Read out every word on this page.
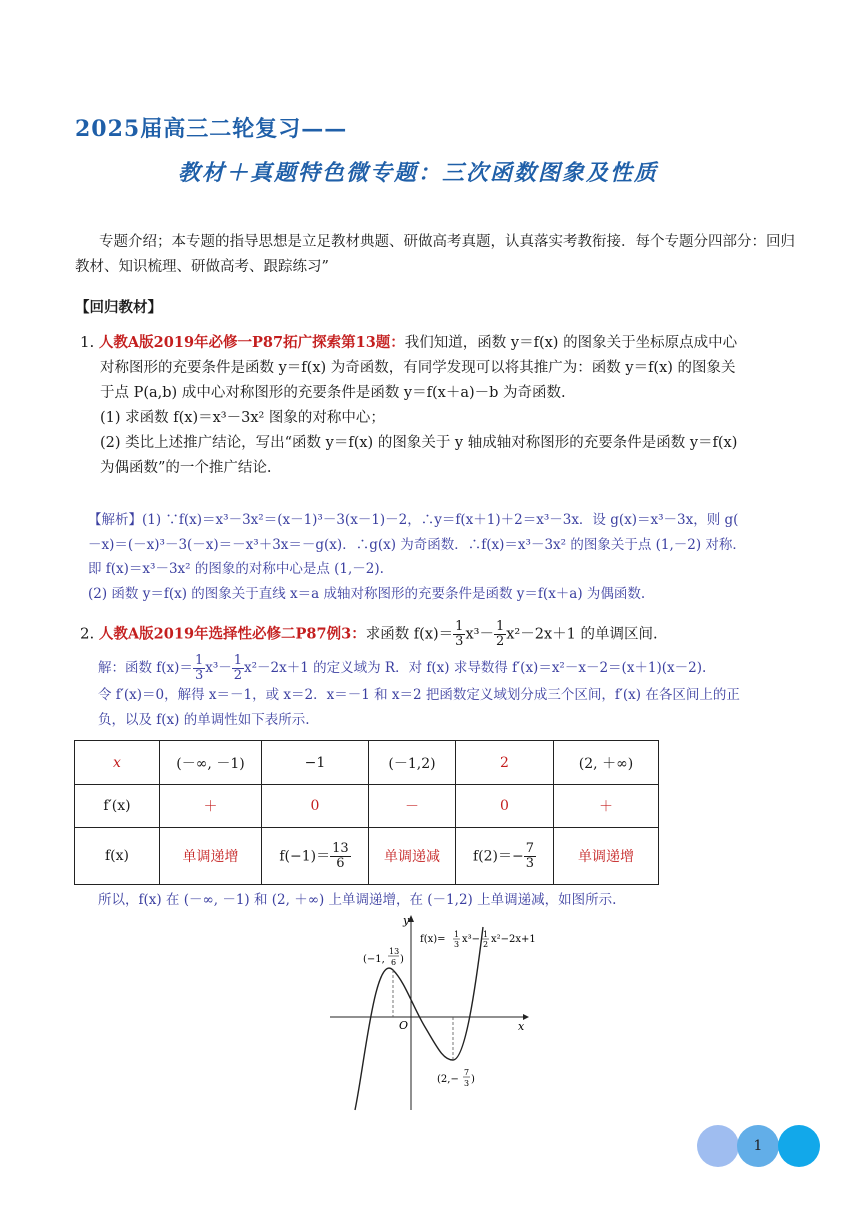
2025届高三二轮复习——
教材＋真题特色微专题：三次函数图象及性质
专题介绍；本专题的指导思想是立足教材典题、研做高考真题，认真落实考教衔接．每个专题分四部分：回归教材、知识梳理、研做高考、跟踪练习”
【回归教材】
1. 人教A版2019年必修一P87拓广探索第13题：我们知道，函数 y＝f(x) 的图象关于坐标原点成中心
对称图形的充要条件是函数 y＝f(x) 为奇函数，有同学发现可以将其推广为：函数 y＝f(x) 的图象关
于点 P(a,b) 成中心对称图形的充要条件是函数 y＝f(x＋a)－b 为奇函数.
(1) 求函数 f(x)＝x³－3x² 图象的对称中心；
(2) 类比上述推广结论，写出“函数 y＝f(x) 的图象关于 y 轴成轴对称图形的充要条件是函数 y＝f(x)
为偶函数”的一个推广结论.
【解析】(1) ∵f(x)＝x³－3x²＝(x－1)³－3(x－1)－2，∴y＝f(x＋1)＋2＝x³－3x．设 g(x)＝x³－3x，则 g(
－x)＝(－x)³－3(－x)＝－x³＋3x＝－g(x)．∴g(x) 为奇函数．∴f(x)＝x³－3x² 的图象关于点 (1,－2) 对称．
即 f(x)＝x³－3x² 的图象的对称中心是点 (1,－2).
(2) 函数 y＝f(x) 的图象关于直线 x＝a 成轴对称图形的充要条件是函数 y＝f(x＋a) 为偶函数.
2. 人教A版2019年选择性必修二P87例3：求函数 $f(x)= \frac{1}{3} x^3- \frac{1}{2} x^2-2x+1$ 的单调区间.
解：函数 $f(x)= \frac{1}{3} x^3- \frac{1}{2} x^2-2x+1$ 的定义域为 R．对 f(x) 求导数得 f′(x)＝x²－x－2＝(x＋1)(x－2).
令 f′(x)＝0，解得 x＝－1，或 x＝2．x＝－1 和 x＝2 把函数定义域划分成三个区间，f′(x) 在各区间上的正
负，以及 f(x) 的单调性如下表所示.
x	(－∞, －1)	−1	(－1,2)	2	(2, ＋∞)
f′(x)	＋	0	－	0	＋
f(x)	单调递增	$f(-1)= \frac{13}{6}$	单调递减	$f(2)=- \frac{7}{3}$	单调递增
所以，f(x) 在 (－∞, －1) 和 (2, ＋∞) 上单调递增，在 (－1,2) 上单调递减，如图所示.
y
x
O
f(x)= 1
3 x³− 1
2 x²−2x+1
(−1,
13
6 )
(2,−
7
3 )
1
